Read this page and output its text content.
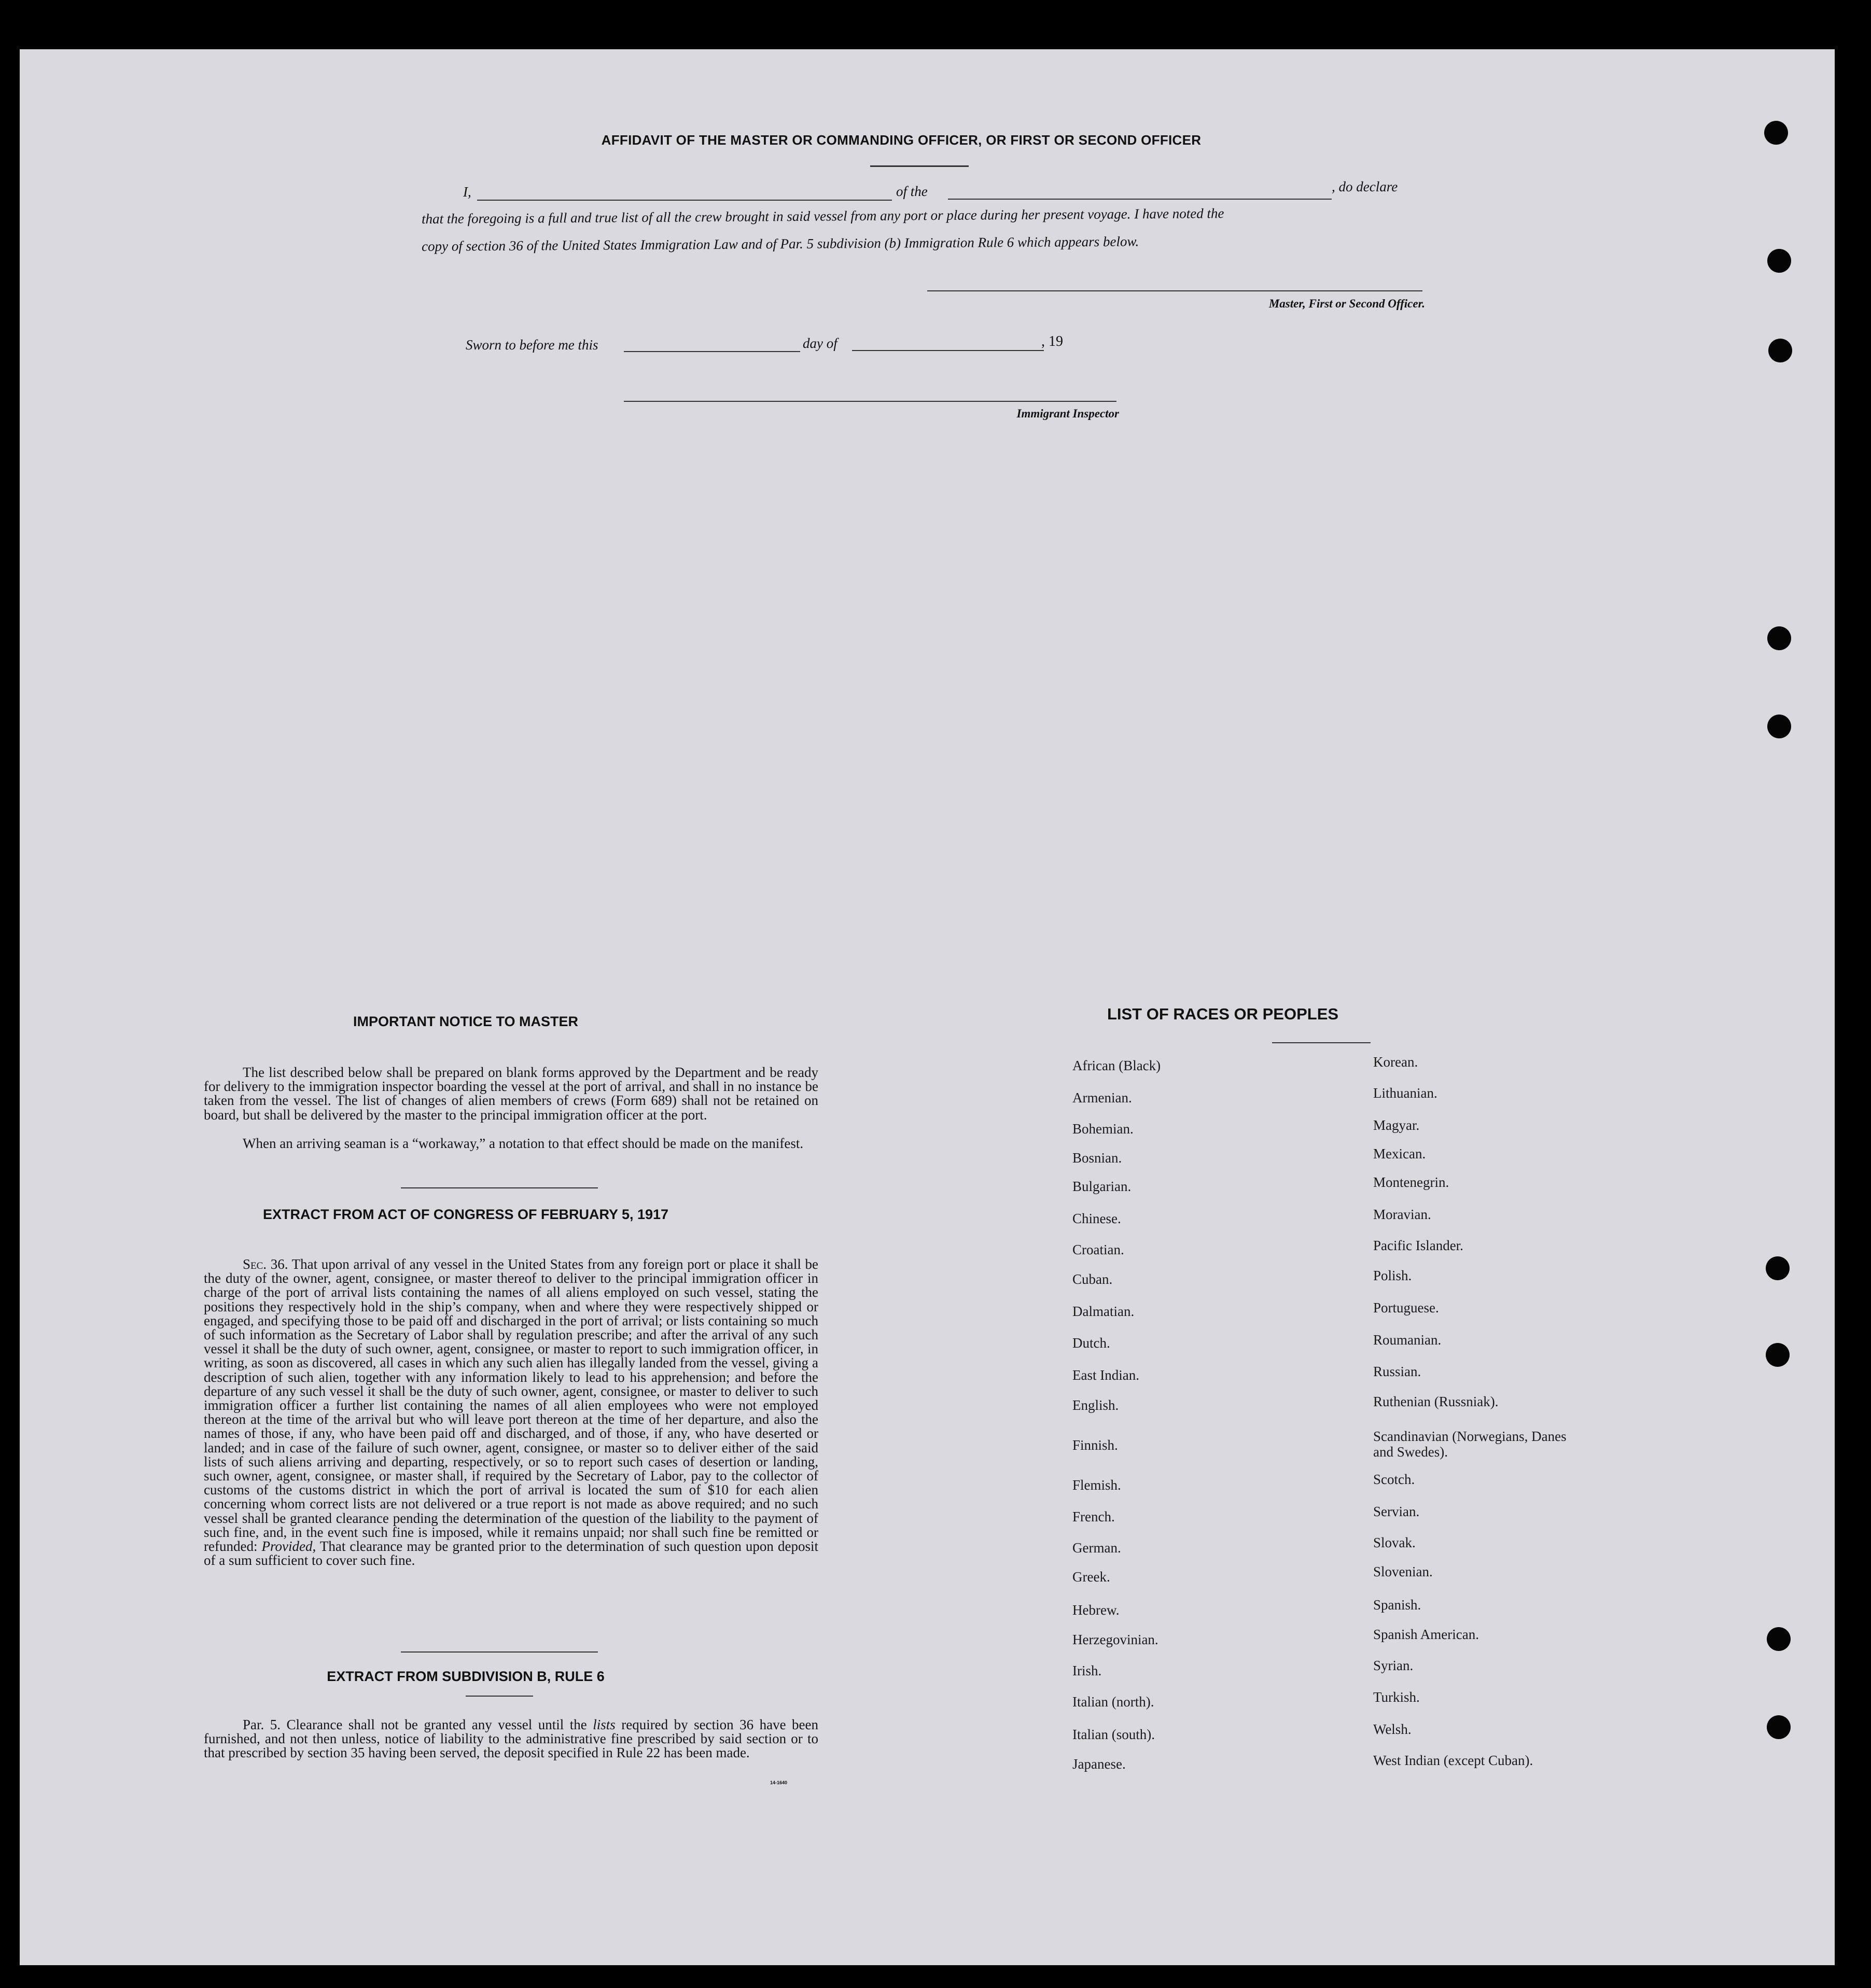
AFFIDAVIT OF THE MASTER OR COMMANDING OFFICER, OR FIRST OR SECOND OFFICER
I,	of the	, do declare
that the foregoing is a full and true list of all the crew brought in said vessel from any port or place during her present voyage. I have noted the
copy of section 36 of the United States Immigration Law and of Par. 5 subdivision (b) Immigration Rule 6 which appears below.
Master, First or Second Officer.
Sworn to before me this	day of	, 19
Immigrant Inspector
IMPORTANT NOTICE TO MASTER
The list described below shall be prepared on blank forms approved by the Department and be ready for delivery to the immigration inspector boarding the vessel at the port of arrival, and shall in no instance be taken from the vessel. The list of changes of alien members of crews (Form 689) shall not be retained on board, but shall be delivered by the master to the principal immigration officer at the port.
When an arriving seaman is a “workaway,” a notation to that effect should be made on the manifest.
EXTRACT FROM ACT OF CONGRESS OF FEBRUARY 5, 1917
Sec. 36. That upon arrival of any vessel in the United States from any foreign port or place it shall be the duty of the owner, agent, consignee, or master thereof to deliver to the principal immigration officer in charge of the port of arrival lists containing the names of all aliens employed on such vessel, stating the positions they respectively hold in the ship’s company, when and where they were respectively shipped or engaged, and specifying those to be paid off and discharged in the port of arrival; or lists containing so much of such information as the Secretary of Labor shall by regulation prescribe; and after the arrival of any such vessel it shall be the duty of such owner, agent, consignee, or master to report to such immigration officer, in writing, as soon as discovered, all cases in which any such alien has illegally landed from the vessel, giving a description of such alien, together with any information likely to lead to his apprehension; and before the departure of any such vessel it shall be the duty of such owner, agent, consignee, or master to deliver to such immigration officer a further list containing the names of all alien employees who were not employed thereon at the time of the arrival but who will leave port thereon at the time of her departure, and also the names of those, if any, who have been paid off and discharged, and of those, if any, who have deserted or landed; and in case of the failure of such owner, agent, consignee, or master so to deliver either of the said lists of such aliens arriving and departing, respectively, or so to report such cases of desertion or landing, such owner, agent, consignee, or master shall, if required by the Secretary of Labor, pay to the collector of customs of the customs district in which the port of arrival is located the sum of $10 for each alien concerning whom correct lists are not delivered or a true report is not made as above required; and no such vessel shall be granted clearance pending the determination of the question of the liability to the payment of such fine, and, in the event such fine is imposed, while it remains unpaid; nor shall such fine be remitted or refunded: Provided, That clearance may be granted prior to the determination of such question upon deposit of a sum sufficient to cover such fine.
EXTRACT FROM SUBDIVISION B, RULE 6
Par. 5. Clearance shall not be granted any vessel until the lists required by section 36 have been furnished, and not then unless, notice of liability to the administrative fine prescribed by said section or to that prescribed by section 35 having been served, the deposit specified in Rule 22 has been made.
14-1640
LIST OF RACES OR PEOPLES
African (Black)
Armenian.
Bohemian.
Bosnian.
Bulgarian.
Chinese.
Croatian.
Cuban.
Dalmatian.
Dutch.
East Indian.
English.
Finnish.
Flemish.
French.
German.
Greek.
Hebrew.
Herzegovinian.
Irish.
Italian (north).
Italian (south).
Japanese.
Korean.
Lithuanian.
Magyar.
Mexican.
Montenegrin.
Moravian.
Pacific Islander.
Polish.
Portuguese.
Roumanian.
Russian.
Ruthenian (Russniak).
Scandinavian (Norwegians, Danes and Swedes).
Scotch.
Servian.
Slovak.
Slovenian.
Spanish.
Spanish American.
Syrian.
Turkish.
Welsh.
West Indian (except Cuban).
